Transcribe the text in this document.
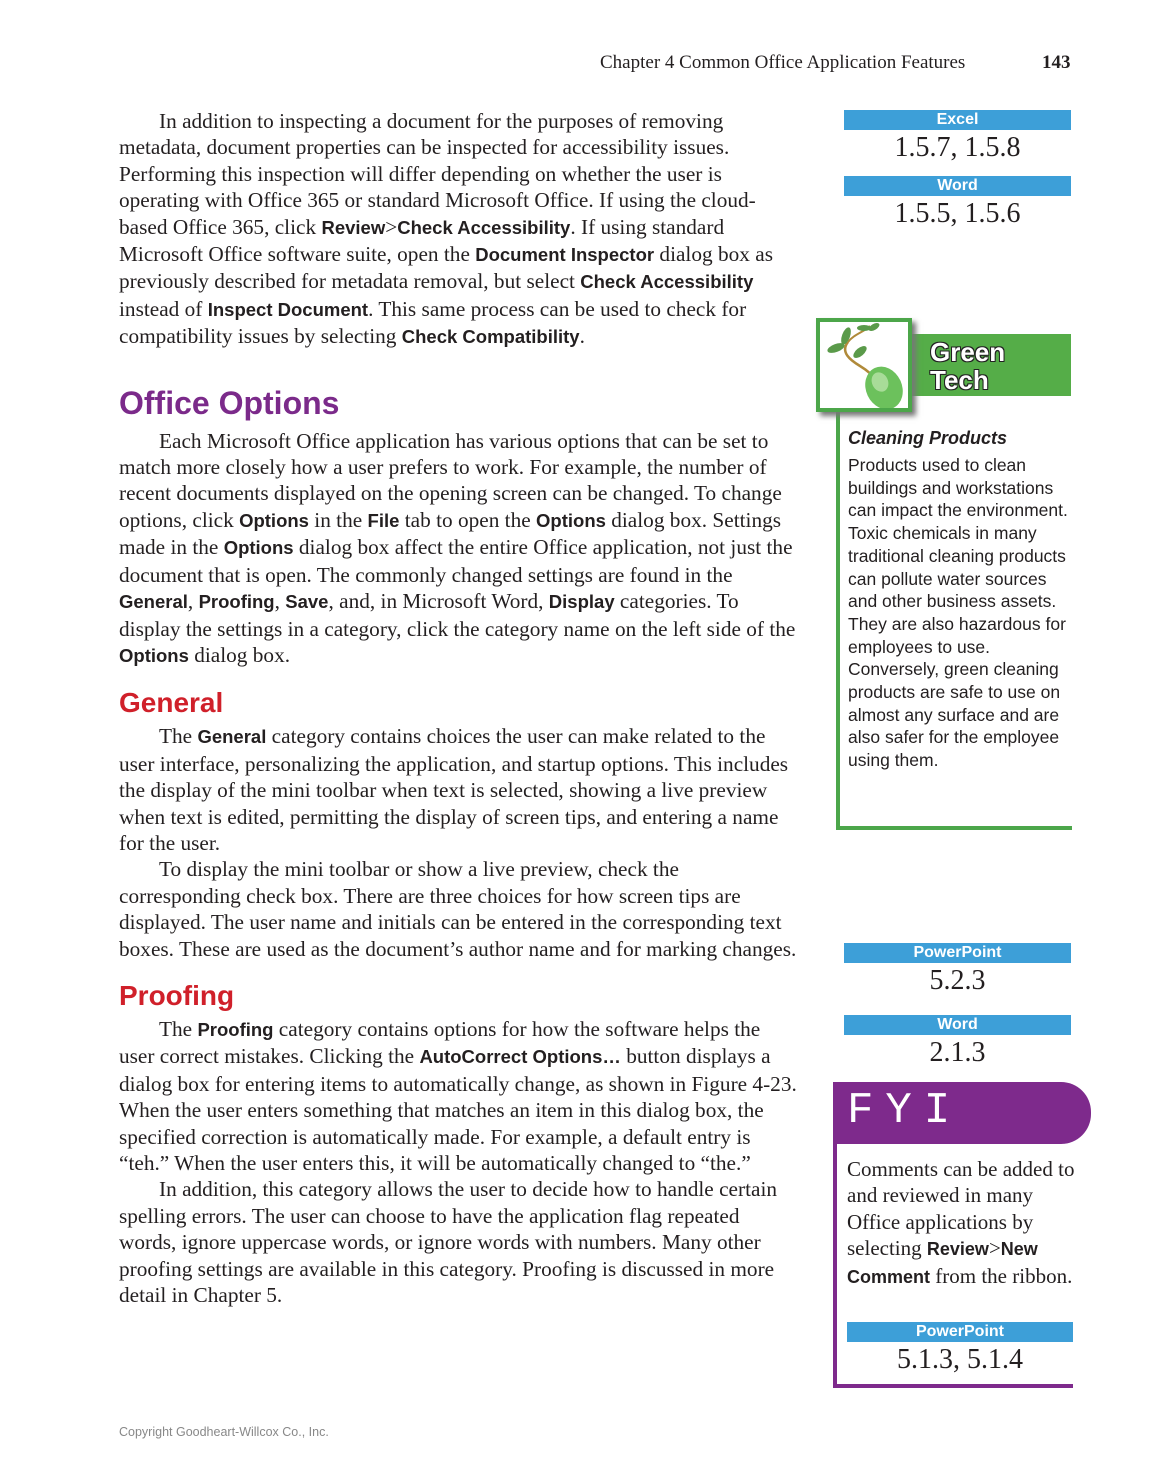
Chapter 4 Common Office Application Features	143

In addition to inspecting a document for the purposes of removing metadata, document properties can be inspected for accessibility issues. Performing this inspection will differ depending on whether the user is operating with Office 365 or standard Microsoft Office. If using the cloud-based Office 365, click Review>Check Accessibility. If using standard Microsoft Office software suite, open the Document Inspector dialog box as previously described for metadata removal, but select Check Accessibility instead of Inspect Document. This same process can be used to check for compatibility issues by selecting Check Compatibility.

Office Options

Each Microsoft Office application has various options that can be set to match more closely how a user prefers to work. For example, the number of recent documents displayed on the opening screen can be changed. To change options, click Options in the File tab to open the Options dialog box. Settings made in the Options dialog box affect the entire Office application, not just the document that is open. The commonly changed settings are found in the General, Proofing, Save, and, in Microsoft Word, Display categories. To display the settings in a category, click the category name on the left side of the Options dialog box.

General

The General category contains choices the user can make related to the user interface, personalizing the application, and startup options. This includes the display of the mini toolbar when text is selected, showing a live preview when text is edited, permitting the display of screen tips, and entering a name for the user.

To display the mini toolbar or show a live preview, check the corresponding check box. There are three choices for how screen tips are displayed. The user name and initials can be entered in the corresponding text boxes. These are used as the document’s author name and for marking changes.

Proofing

The Proofing category contains options for how the software helps the user correct mistakes. Clicking the AutoCorrect Options… button displays a dialog box for entering items to automatically change, as shown in Figure 4-23. When the user enters something that matches an item in this dialog box, the specified correction is automatically made. For example, a default entry is “teh.” When the user enters this, it will be automatically changed to “the.”

In addition, this category allows the user to decide how to handle certain spelling errors. The user can choose to have the application flag repeated words, ignore uppercase words, or ignore words with numbers. Many other proofing settings are available in this category. Proofing is discussed in more detail in Chapter 5.

Excel
1.5.7, 1.5.8
Word
1.5.5, 1.5.6
Green
Tech
Cleaning Products
Products used to clean buildings and workstations can impact the environment. Toxic chemicals in many traditional cleaning products can pollute water sources and other business assets. They are also hazardous for employees to use. Conversely, green cleaning products are safe to use on almost any surface and are also safer for the employee using them.
PowerPoint
5.2.3
Word
2.1.3
FYI
Comments can be added to and reviewed in many Office applications by selecting Review>New Comment from the ribbon.
PowerPoint
5.1.3, 5.1.4
Copyright Goodheart-Willcox Co., Inc.
